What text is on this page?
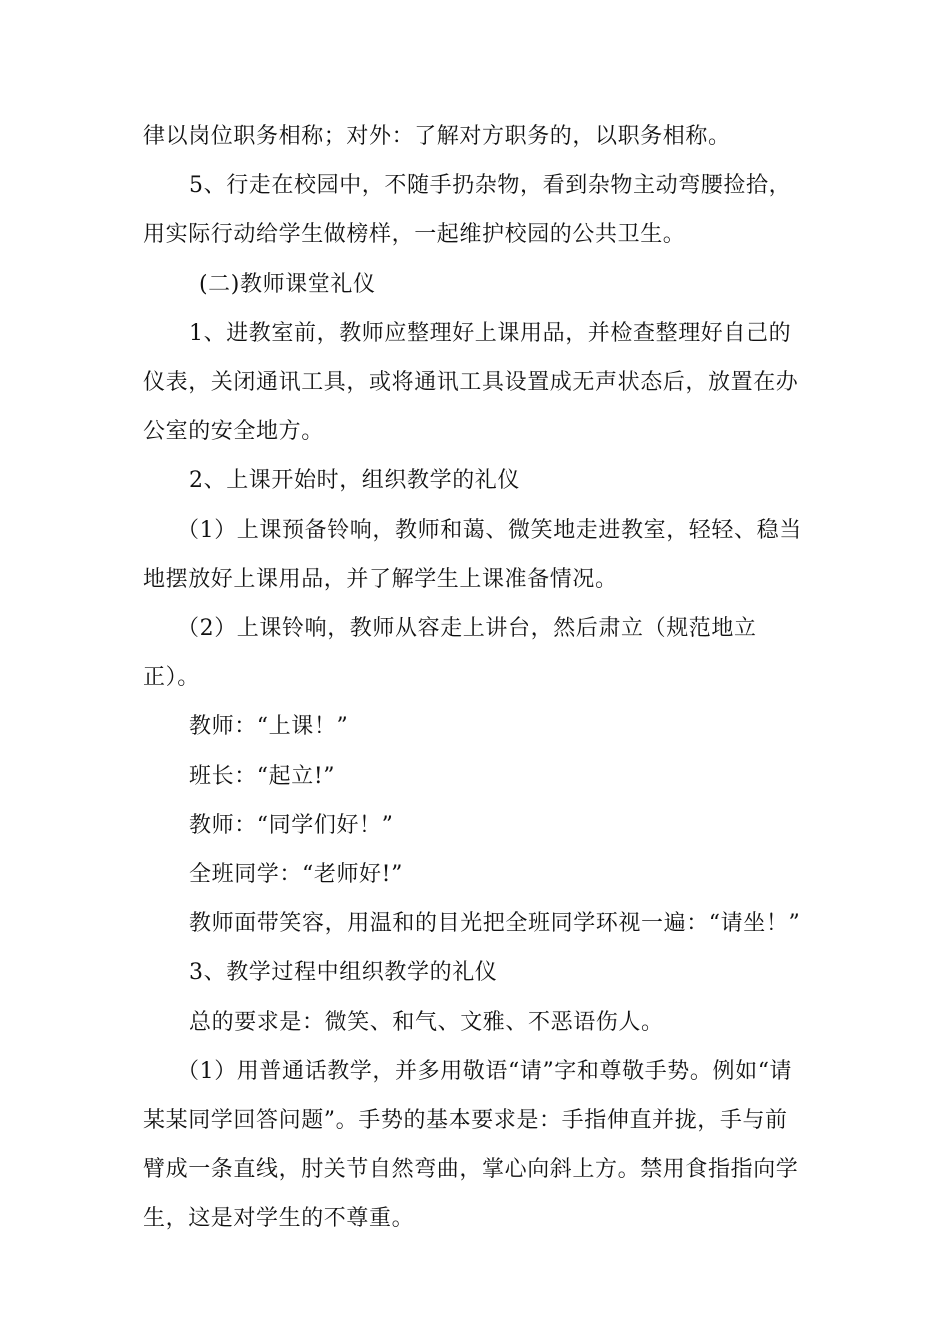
律以岗位职务相称；对外：了解对方职务的，以职务相称。

5、行走在校园中，不随手扔杂物，看到杂物主动弯腰捡拾，用实际行动给学生做榜样，一起维护校园的公共卫生。

(二)教师课堂礼仪

1、进教室前，教师应整理好上课用品，并检查整理好自己的仪表，关闭通讯工具，或将通讯工具设置成无声状态后，放置在办公室的安全地方。

2、上课开始时，组织教学的礼仪

（1）上课预备铃响，教师和蔼、微笑地走进教室，轻轻、稳当地摆放好上课用品，并了解学生上课准备情况。

（2）上课铃响，教师从容走上讲台，然后肃立（规范地立正）。

教师：“上课！”

班长：“起立!”

教师：“同学们好！”

全班同学：“老师好!”

教师面带笑容，用温和的目光把全班同学环视一遍：“请坐！”

3、教学过程中组织教学的礼仪

总的要求是：微笑、和气、文雅、不恶语伤人。

（1）用普通话教学，并多用敬语“请”字和尊敬手势。例如“请某某同学回答问题”。手势的基本要求是：手指伸直并拢，手与前臂成一条直线，肘关节自然弯曲，掌心向斜上方。禁用食指指向学生，这是对学生的不尊重。
